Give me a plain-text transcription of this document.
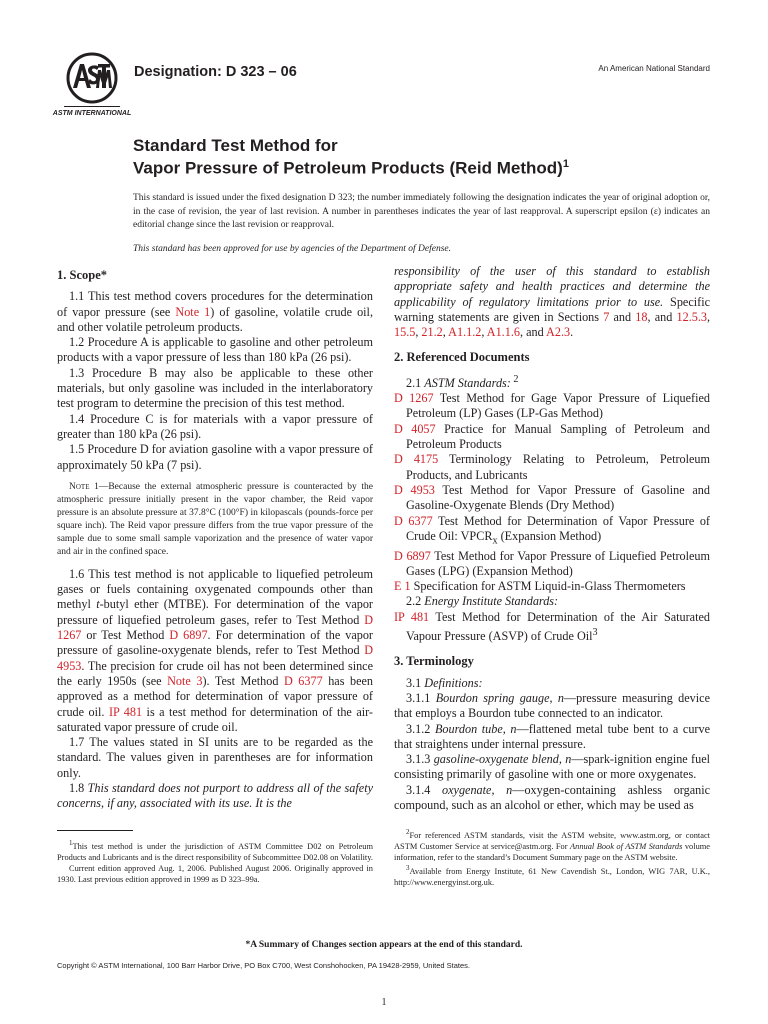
ASTM INTERNATIONAL
Designation: D 323 – 06	An American National Standard
Standard Test Method for
Vapor Pressure of Petroleum Products (Reid Method)$^1$

This standard is issued under the fixed designation D 323; the number immediately following the designation indicates the year of original adoption or, in the case of revision, the year of last revision. A number in parentheses indicates the year of last reapproval. A superscript epsilon (ε) indicates an editorial change since the last revision or reapproval.

This standard has been approved for use by agencies of the Department of Defense.

1. Scope*

1.1 This test method covers procedures for the determination of vapor pressure (see Note 1) of gasoline, volatile crude oil, and other volatile petroleum products.

1.2 Procedure A is applicable to gasoline and other petroleum products with a vapor pressure of less than 180 kPa (26 psi).

1.3 Procedure B may also be applicable to these other materials, but only gasoline was included in the interlaboratory test program to determine the precision of this test method.

1.4 Procedure C is for materials with a vapor pressure of greater than 180 kPa (26 psi).

1.5 Procedure D for aviation gasoline with a vapor pressure of approximately 50 kPa (7 psi).

Note 1—Because the external atmospheric pressure is counteracted by the atmospheric pressure initially present in the vapor chamber, the Reid vapor pressure is an absolute pressure at 37.8°C (100°F) in kilopascals (pounds-force per square inch). The Reid vapor pressure differs from the true vapor pressure of the sample due to some small sample vaporization and the presence of water vapor and air in the confined space.

1.6 This test method is not applicable to liquefied petroleum gases or fuels containing oxygenated compounds other than methyl t-butyl ether (MTBE). For determination of the vapor pressure of liquefied petroleum gases, refer to Test Method D 1267 or Test Method D 6897. For determination of the vapor pressure of gasoline-oxygenate blends, refer to Test Method D 4953. The precision for crude oil has not been determined since the early 1950s (see Note 3). Test Method D 6377 has been approved as a method for determination of vapor pressure of crude oil. IP 481 is a test method for determination of the air-saturated vapor pressure of crude oil.

1.7 The values stated in SI units are to be regarded as the standard. The values given in parentheses are for information only.

1.8 This standard does not purport to address all of the safety concerns, if any, associated with its use. It is the

responsibility of the user of this standard to establish appropriate safety and health practices and determine the applicability of regulatory limitations prior to use. Specific warning statements are given in Sections 7 and 18, and 12.5.3, 15.5, 21.2, A1.1.2, A1.1.6, and A2.3.

2. Referenced Documents

2.1 ASTM Standards: $^2$

D 1267 Test Method for Gage Vapor Pressure of Liquefied Petroleum (LP) Gases (LP-Gas Method)

D 4057 Practice for Manual Sampling of Petroleum and Petroleum Products

D 4175 Terminology Relating to Petroleum, Petroleum Products, and Lubricants

D 4953 Test Method for Vapor Pressure of Gasoline and Gasoline-Oxygenate Blends (Dry Method)

D 6377 Test Method for Determination of Vapor Pressure of Crude Oil: $VPCR_x$ (Expansion Method)

D 6897 Test Method for Vapor Pressure of Liquefied Petroleum Gases (LPG) (Expansion Method)

E 1 Specification for ASTM Liquid-in-Glass Thermometers

2.2 Energy Institute Standards:

IP 481 Test Method for Determination of the Air Saturated Vapour Pressure (ASVP) of Crude Oil$^3$

3. Terminology

3.1 Definitions:

3.1.1 Bourdon spring gauge, n—pressure measuring device that employs a Bourdon tube connected to an indicator.

3.1.2 Bourdon tube, n—flattened metal tube bent to a curve that straightens under internal pressure.

3.1.3 gasoline-oxygenate blend, n—spark-ignition engine fuel consisting primarily of gasoline with one or more oxygenates.

3.1.4 oxygenate, n—oxygen-containing ashless organic compound, such as an alcohol or ether, which may be used as

$^1$This test method is under the jurisdiction of ASTM Committee D02 on Petroleum Products and Lubricants and is the direct responsibility of Subcommittee D02.08 on Volatility.

Current edition approved Aug. 1, 2006. Published August 2006. Originally approved in 1930. Last previous edition approved in 1999 as D 323–99a.

$^2$For referenced ASTM standards, visit the ASTM website, www.astm.org, or contact ASTM Customer Service at service@astm.org. For Annual Book of ASTM Standards volume information, refer to the standard’s Document Summary page on the ASTM website.

$^3$Available from Energy Institute, 61 New Cavendish St., London, WIG 7AR, U.K., http://www.energyinst.org.uk.

*A Summary of Changes section appears at the end of this standard.
Copyright © ASTM International, 100 Barr Harbor Drive, PO Box C700, West Conshohocken, PA 19428-2959, United States.
1
